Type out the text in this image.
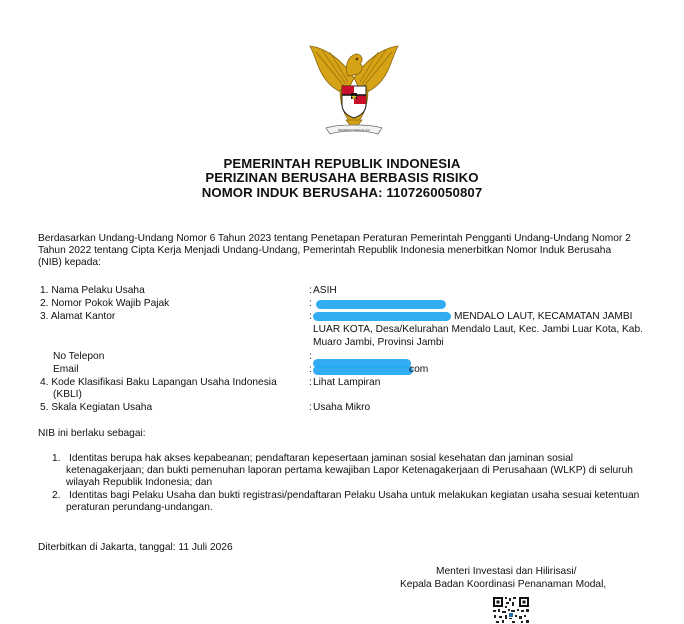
BHINNEKA TUNGGAL IKA
PEMERINTAH REPUBLIK INDONESIA
PERIZINAN BERUSAHA BERBASIS RISIKO
NOMOR INDUK BERUSAHA: 1107260050807
Berdasarkan Undang-Undang Nomor 6 Tahun 2023 tentang Penetapan Peraturan Pemerintah Pengganti Undang-Undang Nomor 2
Tahun 2022 tentang Cipta Kerja Menjadi Undang-Undang, Pemerintah Republik Indonesia menerbitkan Nomor Induk Berusaha
(NIB) kepada:
1. Nama Pelaku Usaha	: ASIH
2. Nomor Pokok Wajib Pajak	:
3. Alamat Kantor	:	MENDALO LAUT, KECAMATAN JAMBI
LUAR KOTA, Desa/Kelurahan Mendalo Laut, Kec. Jambi Luar Kota, Kab.
Muaro Jambi, Provinsi Jambi
No Telepon	:
Email	:	com
4. Kode Klasifikasi Baku Lapangan Usaha Indonesia
(KBLI)
: Lihat Lampiran
5. Skala Kegiatan Usaha	: Usaha Mikro
NIB ini berlaku sebagai:
1.   Identitas berupa hak akses kepabeanan; pendaftaran kepesertaan jaminan sosial kesehatan dan jaminan sosial
ketenagakerjaan; dan bukti pemenuhan laporan pertama kewajiban Lapor Ketenagakerjaan di Perusahaan (WLKP) di seluruh
wilayah Republik Indonesia; dan
2.   Identitas bagi Pelaku Usaha dan bukti registrasi/pendaftaran Pelaku Usaha untuk melakukan kegiatan usaha sesuai ketentuan
peraturan perundang-undangan.
Diterbitkan di Jakarta, tanggal: 11 Juli 2026
Menteri Investasi dan Hilirisasi/
Kepala Badan Koordinasi Penanaman Modal,
